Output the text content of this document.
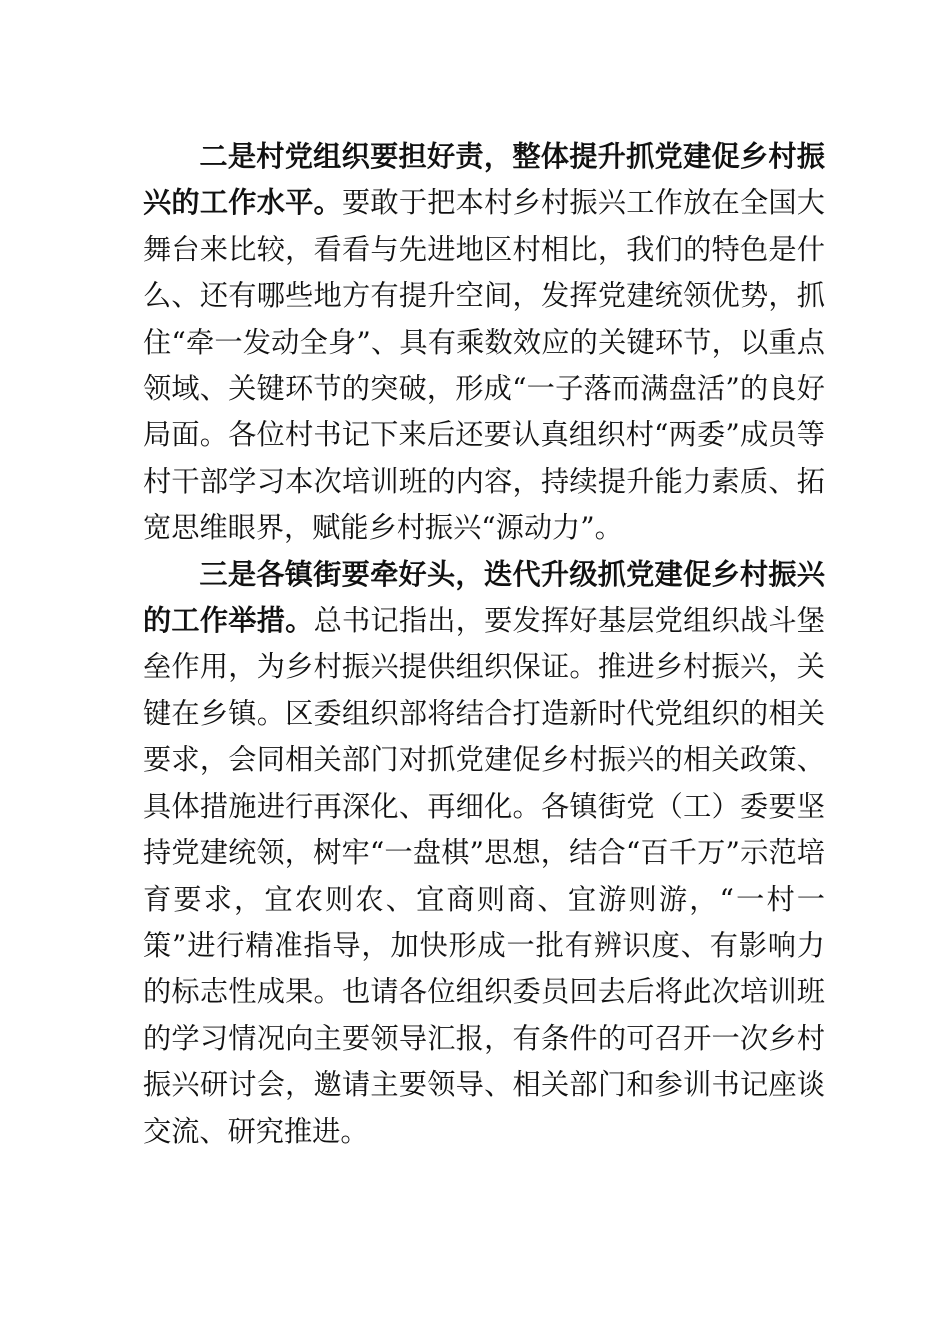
二是村党组织要担好责，整体提升抓党建促乡村振兴的工作水平。要敢于把本村乡村振兴工作放在全国大舞台来比较，看看与先进地区村相比，我们的特色是什么、还有哪些地方有提升空间，发挥党建统领优势，抓住“牵一发动全身”、具有乘数效应的关键环节，以重点领域、关键环节的突破，形成“一子落而满盘活”的良好局面。各位村书记下来后还要认真组织村“两委”成员等村干部学习本次培训班的内容，持续提升能力素质、拓宽思维眼界，赋能乡村振兴“源动力”。

三是各镇街要牵好头，迭代升级抓党建促乡村振兴的工作举措。总书记指出，要发挥好基层党组织战斗堡垒作用，为乡村振兴提供组织保证。推进乡村振兴，关键在乡镇。区委组织部将结合打造新时代党组织的相关要求，会同相关部门对抓党建促乡村振兴的相关政策、具体措施进行再深化、再细化。各镇街党（工）委要坚持党建统领，树牢“一盘棋”思想，结合“百千万”示范培育要求，宜农则农、宜商则商、宜游则游，“一村一策”进行精准指导，加快形成一批有辨识度、有影响力的标志性成果。也请各位组织委员回去后将此次培训班的学习情况向主要领导汇报，有条件的可召开一次乡村振兴研讨会，邀请主要领导、相关部门和参训书记座谈交流、研究推进。
